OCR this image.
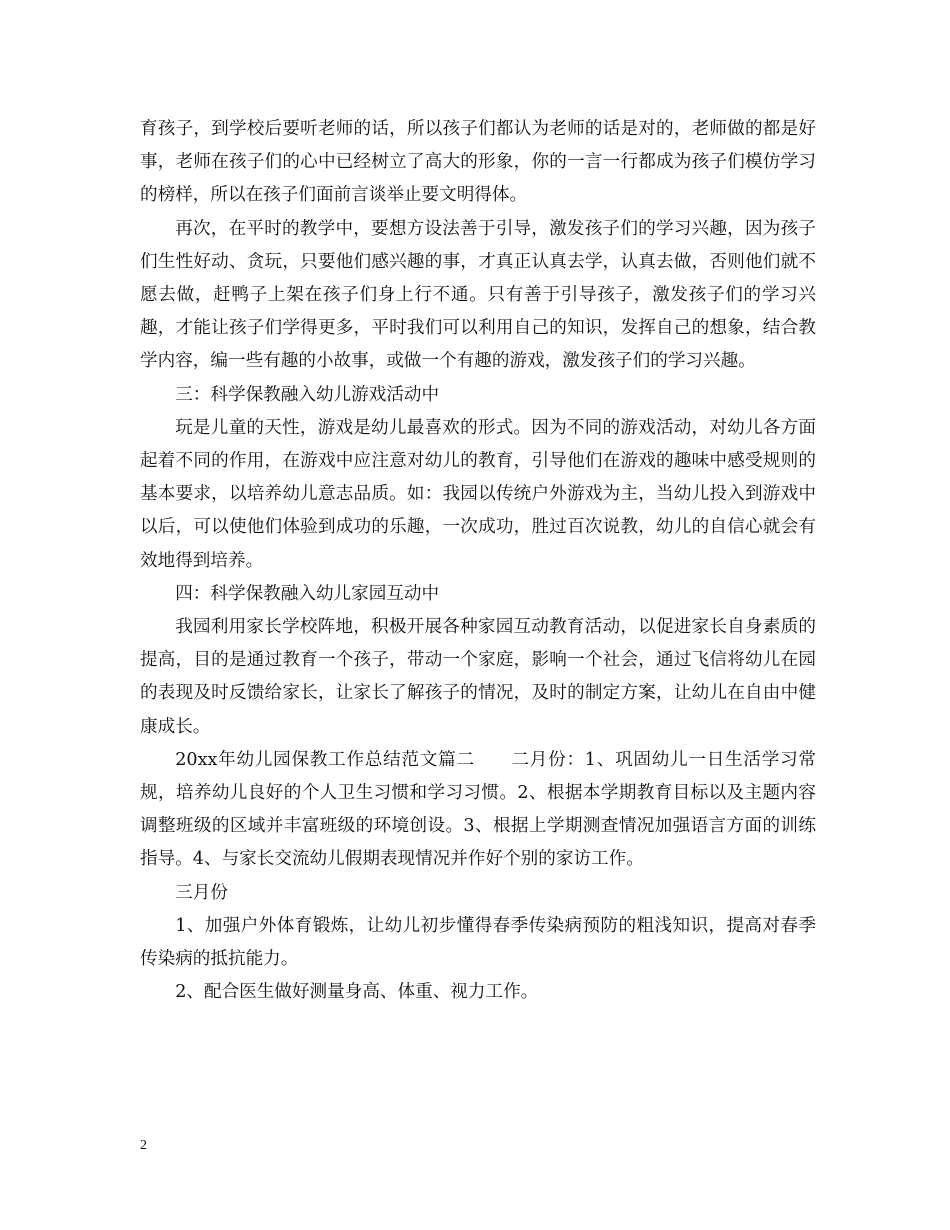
育孩子，到学校后要听老师的话，所以孩子们都认为老师的话是对的，老师做的都是好事，老师在孩子们的心中已经树立了高大的形象，你的一言一行都成为孩子们模仿学习的榜样，所以在孩子们面前言谈举止要文明得体。

再次，在平时的教学中，要想方设法善于引导，激发孩子们的学习兴趣，因为孩子们生性好动、贪玩，只要他们感兴趣的事，才真正认真去学，认真去做，否则他们就不愿去做，赶鸭子上架在孩子们身上行不通。只有善于引导孩子，激发孩子们的学习兴趣，才能让孩子们学得更多，平时我们可以利用自己的知识，发挥自己的想象，结合教学内容，编一些有趣的小故事，或做一个有趣的游戏，激发孩子们的学习兴趣。

三：科学保教融入幼儿游戏活动中

玩是儿童的天性，游戏是幼儿最喜欢的形式。因为不同的游戏活动，对幼儿各方面起着不同的作用，在游戏中应注意对幼儿的教育，引导他们在游戏的趣味中感受规则的基本要求，以培养幼儿意志品质。如：我园以传统户外游戏为主，当幼儿投入到游戏中以后，可以使他们体验到成功的乐趣，一次成功，胜过百次说教，幼儿的自信心就会有效地得到培养。

四：科学保教融入幼儿家园互动中

我园利用家长学校阵地，积极开展各种家园互动教育活动，以促进家长自身素质的提高，目的是通过教育一个孩子，带动一个家庭，影响一个社会，通过飞信将幼儿在园的表现及时反馈给家长，让家长了解孩子的情况，及时的制定方案，让幼儿在自由中健康成长。

20xx年幼儿园保教工作总结范文篇二　　二月份：1、巩固幼儿一日生活学习常规，培养幼儿良好的个人卫生习惯和学习习惯。2、根据本学期教育目标以及主题内容调整班级的区域并丰富班级的环境创设。3、根据上学期测查情况加强语言方面的训练指导。4、与家长交流幼儿假期表现情况并作好个别的家访工作。

三月份

1、加强户外体育锻炼，让幼儿初步懂得春季传染病预防的粗浅知识，提高对春季传染病的抵抗能力。

2、配合医生做好测量身高、体重、视力工作。

2
